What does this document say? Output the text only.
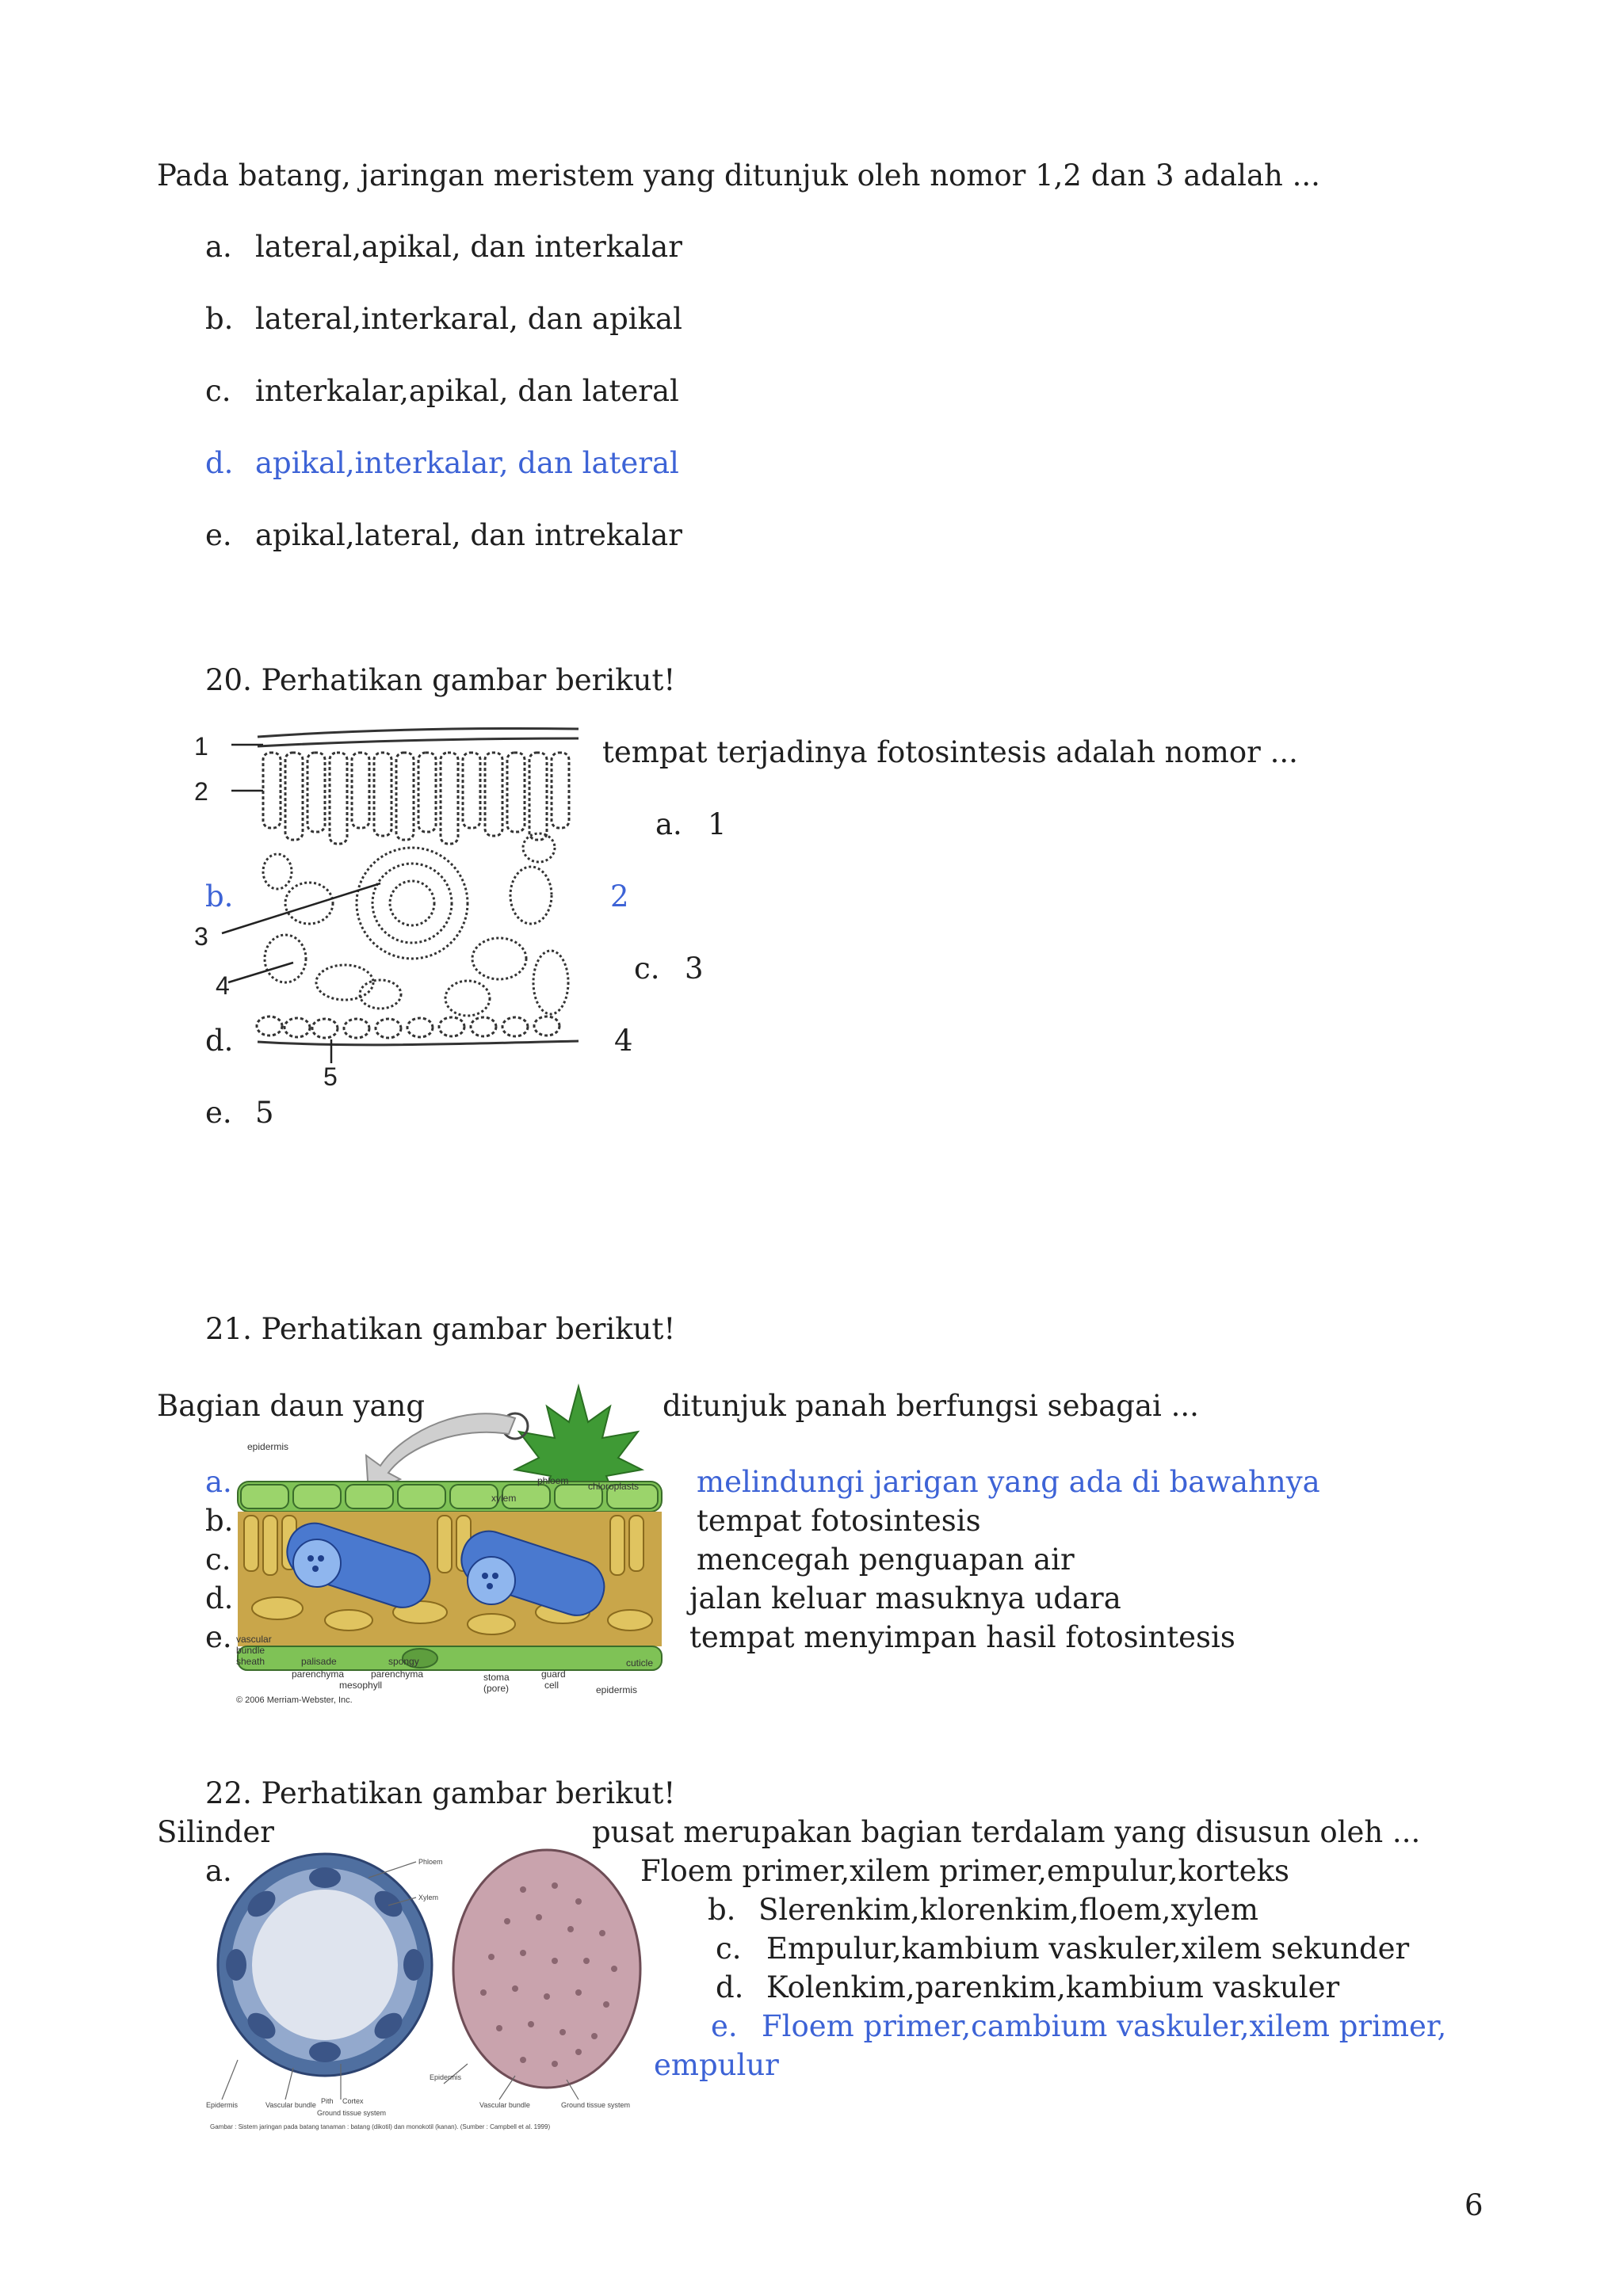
Pada batang, jaringan meristem yang ditunjuk oleh nomor 1,2 dan 3 adalah ...
a. lateral,apikal, dan interkalar
b. lateral,interkaral, dan apikal
c. interkalar,apikal, dan lateral
d. apikal,interkalar, dan lateral
e. apikal,lateral, dan intrekalar
20. Perhatikan gambar berikut!
1
2
3
4
5
tempat terjadinya fotosintesis adalah nomor ...
a. 1
b.	2
c. 3
d.	4
e. 5
21. Perhatikan gambar berikut!
Bagian daun yang	ditunjuk panah berfungsi sebagai ...
epidermis
xylem
phloem chloroplasts
vascular
bundle
sheath	palisade	spongy
parenchyma	parenchyma
mesophyll
stoma
(pore)
guard
cell
cuticle
epidermis
© 2006 Merriam-Webster, Inc.
a.	melindungi jarigan yang ada di bawahnya
b.	tempat fotosintesis
c.	mencegah penguapan air
d.	jalan keluar masuknya udara
e.	tempat menyimpan hasil fotosintesis
22. Perhatikan gambar berikut!
Silinder	pusat merupakan bagian terdalam yang disusun oleh ...
Phloem
Xylem
Epidermis	Vascular bundle Pith Cortex
Ground tissue system
Epidermis
Vascular bundle	Ground tissue system
Gambar : Sistem jaringan pada batang tanaman : batang (dikotil) dan monokotil (kanan). (Sumber : Campbell et al. 1999)
a.	Floem primer,xilem primer,empulur,korteks
b. Slerenkim,klorenkim,floem,xylem
c. Empulur,kambium vaskuler,xilem sekunder
d. Kolenkim,parenkim,kambium vaskuler
e. Floem primer,cambium vaskuler,xilem primer,
empulur
6
